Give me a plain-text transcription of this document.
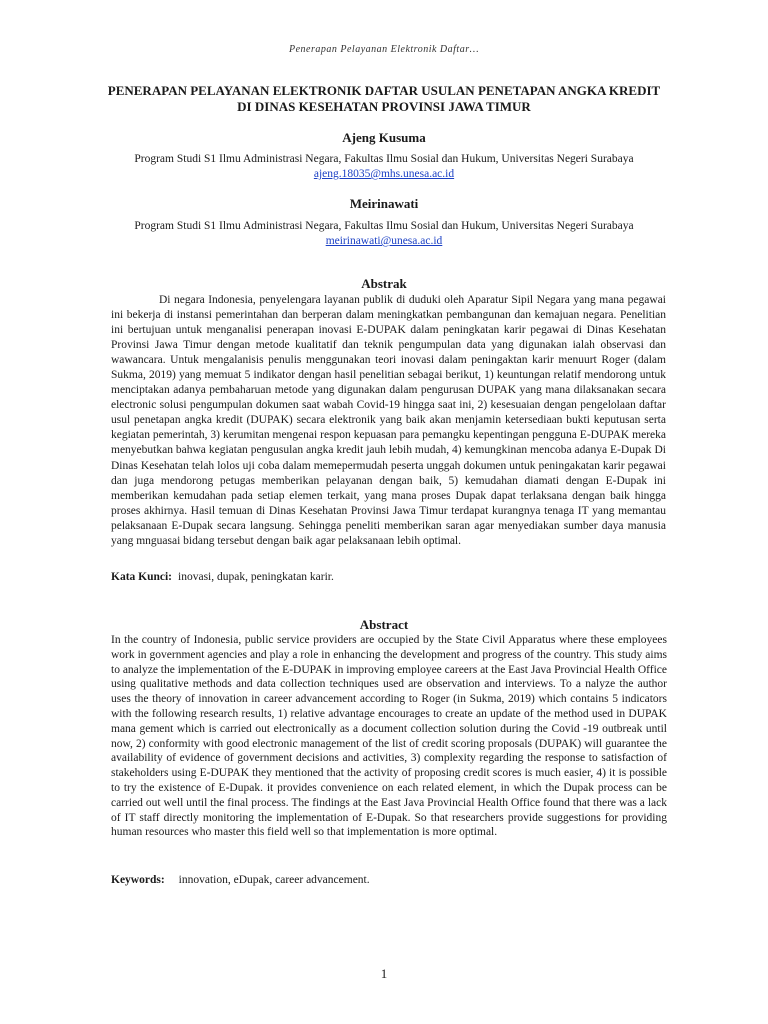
Penerapan Pelayanan Elektronik Daftar…
PENERAPAN PELAYANAN ELEKTRONIK DAFTAR USULAN PENETAPAN ANGKA KREDIT
DI DINAS KESEHATAN PROVINSI JAWA TIMUR
Ajeng Kusuma
Program Studi S1 Ilmu Administrasi Negara, Fakultas Ilmu Sosial dan Hukum, Universitas Negeri Surabaya
ajeng.18035@mhs.unesa.ac.id
Meirinawati
Program Studi S1 Ilmu Administrasi Negara, Fakultas Ilmu Sosial dan Hukum, Universitas Negeri Surabaya
meirinawati@unesa.ac.id
Abstrak
Di negara Indonesia, penyelengara layanan publik di duduki oleh Aparatur Sipil Negara yang mana pegawai ini bekerja di instansi pemerintahan dan berperan dalam meningkatkan pembangunan dan kemajuan negara. Penelitian ini bertujuan untuk menganalisi penerapan inovasi E-DUPAK dalam peningkatan karir pegawai di Dinas Kesehatan Provinsi Jawa Timur dengan metode kualitatif dan teknik pengumpulan data yang digunakan ialah observasi dan wawancara. Untuk mengalanisis penulis menggunakan teori inovasi dalam peningaktan karir menuurt Roger (dalam Sukma, 2019) yang memuat 5 indikator dengan hasil penelitian sebagai berikut, 1) keuntungan relatif mendorong untuk menciptakan adanya pembaharuan metode yang digunakan dalam pengurusan DUPAK yang mana dilaksanakan secara electronic solusi pengumpulan dokumen saat wabah Covid-19 hingga saat ini, 2) kesesuaian dengan pengelolaan daftar usul penetapan angka kredit (DUPAK) secara elektronik yang baik akan menjamin ketersediaan bukti keputusan serta kegiatan pemerintah, 3) kerumitan mengenai respon kepuasan para pemangku kepentingan pengguna E-DUPAK mereka menyebutkan bahwa kegiatan pengusulan angka kredit jauh lebih mudah, 4) kemungkinan mencoba adanya E-Dupak Di Dinas Kesehatan telah lolos uji coba dalam memepermudah peserta unggah dokumen untuk peningakatan karir pegawai dan juga mendorong petugas memberikan pelayanan dengan baik, 5) kemudahan diamati dengan E-Dupak ini memberikan kemudahan pada setiap elemen terkait, yang mana proses Dupak dapat terlaksana dengan baik hingga proses akhirnya. Hasil temuan di Dinas Kesehatan Provinsi Jawa Timur terdapat kurangnya tenaga IT yang memantau pelaksanaan E-Dupak secara langsung. Sehingga peneliti memberikan saran agar menyediakan sumber daya manusia yang mnguasai bidang tersebut dengan baik agar pelaksanaan lebih optimal.
Kata Kunci: inovasi, dupak, peningkatan karir.
Abstract
In the country of Indonesia, public service providers are occupied by the State Civil Apparatus where these employees work in government agencies and play a role in enhancing the development and progress of the country. This study aims to analyze the implementation of the E-DUPAK in improving employee careers at the East Java Provincial Health Office using qualitative methods and data collection techniques used are observation and interviews. To a nalyze the author uses the theory of innovation in career advancement according to Roger (in Sukma, 2019) which contains 5 indicators with the following research results, 1) relative advantage encourages to create an update of the method used in DUPAK mana gement which is carried out electronically as a document collection solution during the Covid -19 outbreak until now, 2) conformity with good electronic management of the list of credit scoring proposals (DUPAK) will guarantee the availability of evidence of government decisions and activities, 3) complexity regarding the response to satisfaction of stakeholders using E-DUPAK they mentioned that the activity of proposing credit scores is much easier, 4) it is possible to try the existence of E-Dupak. it provides convenience on each related element, in which the Dupak process can be carried out well until the final process. The findings at the East Java Provincial Health Office found that there was a lack of IT staff directly monitoring the implementation of E-Dupak. So that researchers provide suggestions for providing human resources who master this field well so that implementation is more optimal.
Keywords: innovation, eDupak, career advancement.
1
